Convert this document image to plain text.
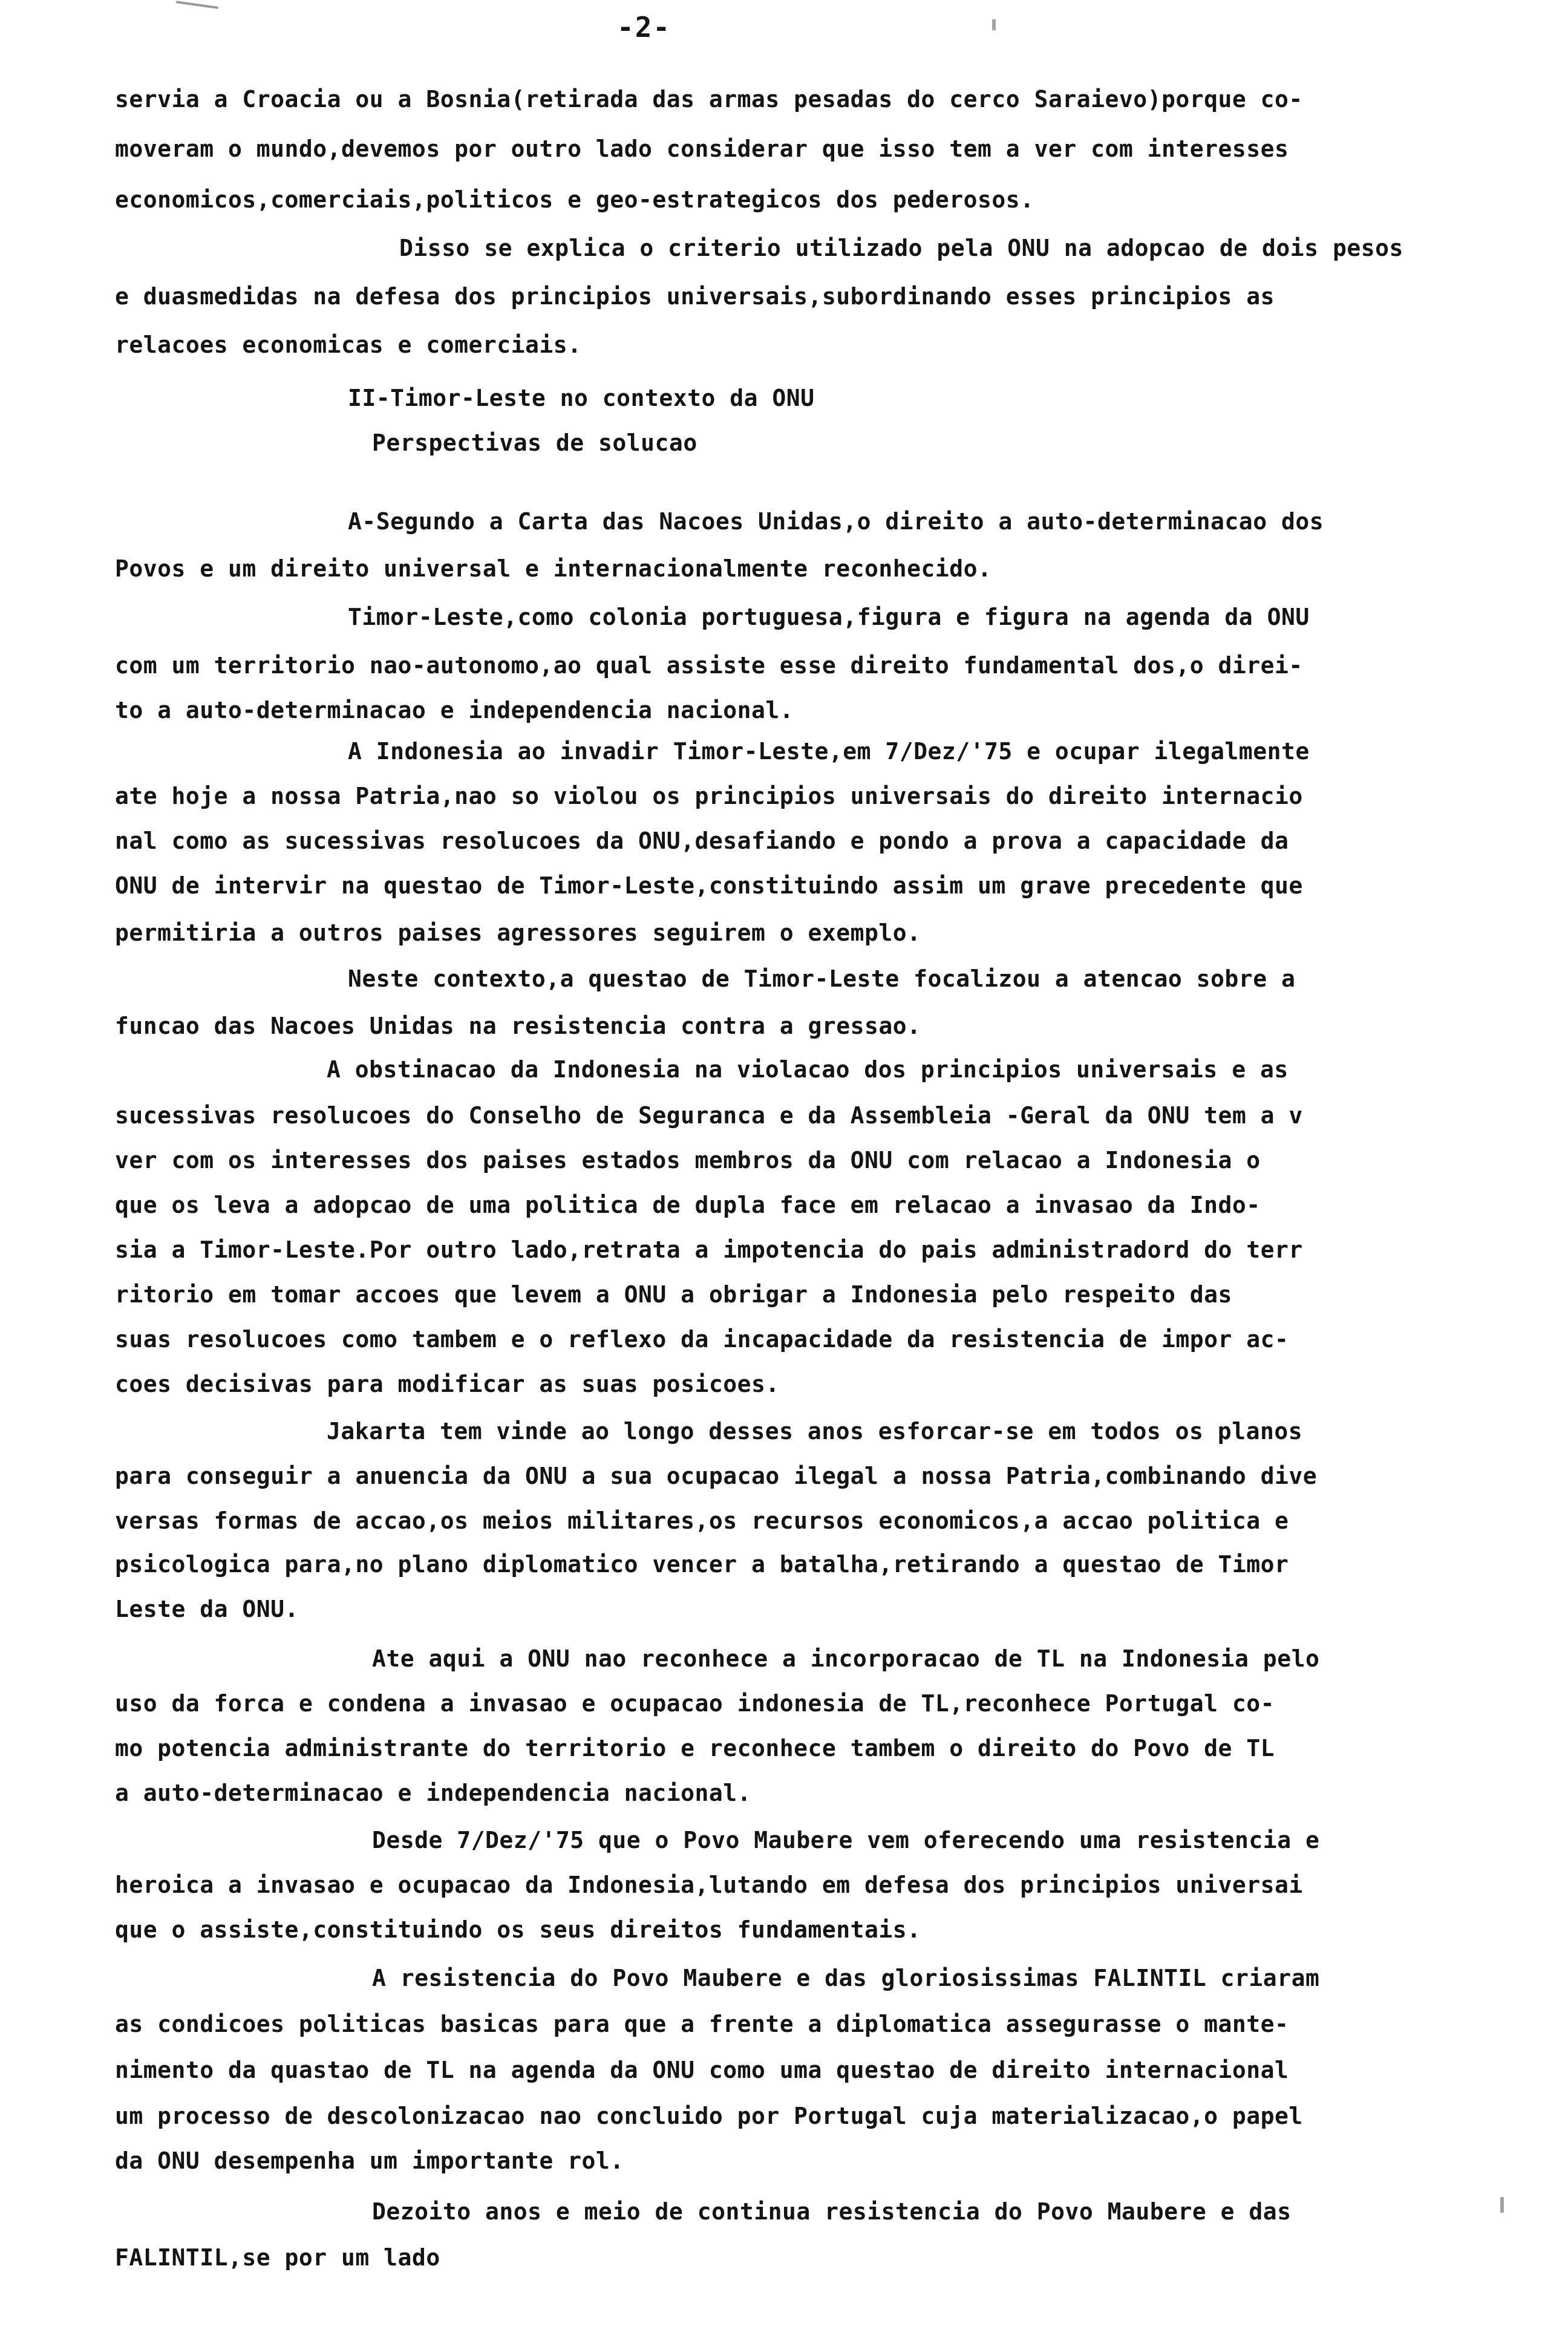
-2-
servia a Croacia ou a Bosnia(retirada das armas pesadas do cerco Saraievo)porque co-
moveram o mundo,devemos por outro lado considerar que isso tem a ver com interesses
economicos,comerciais,politicos e geo-estrategicos dos pederosos.
Disso se explica o criterio utilizado pela ONU na adopcao de dois pesos
e duasmedidas na defesa dos principios universais,subordinando esses principios as
relacoes economicas e comerciais.
II-Timor-Leste no contexto da ONU
Perspectivas de solucao
A-Segundo a Carta das Nacoes Unidas,o direito a auto-determinacao dos
Povos e um direito universal e internacionalmente reconhecido.
Timor-Leste,como colonia portuguesa,figura e figura na agenda da ONU
com um territorio nao-autonomo,ao qual assiste esse direito fundamental dos,o direi-
to a auto-determinacao e independencia nacional.
A Indonesia ao invadir Timor-Leste,em 7/Dez/'75 e ocupar ilegalmente
ate hoje a nossa Patria,nao so violou os principios universais do direito internacio
nal como as sucessivas resolucoes da ONU,desafiando e pondo a prova a capacidade da
ONU de intervir na questao de Timor-Leste,constituindo assim um grave precedente que
permitiria a outros paises agressores seguirem o exemplo.
Neste contexto,a questao de Timor-Leste focalizou a atencao sobre a
funcao das Nacoes Unidas na resistencia contra a gressao.
A obstinacao da Indonesia na violacao dos principios universais e as
sucessivas resolucoes do Conselho de Seguranca e da Assembleia -Geral da ONU tem a v
ver com os interesses dos paises estados membros da ONU com relacao a Indonesia o
que os leva a adopcao de uma politica de dupla face em relacao a invasao da Indo-
sia a Timor-Leste.Por outro lado,retrata a impotencia do pais administradord do terr
ritorio em tomar accoes que levem a ONU a obrigar a Indonesia pelo respeito das
suas resolucoes como tambem e o reflexo da incapacidade da resistencia de impor ac-
coes decisivas para modificar as suas posicoes.
Jakarta tem vinde ao longo desses anos esforcar-se em todos os planos
para conseguir a anuencia da ONU a sua ocupacao ilegal a nossa Patria,combinando dive
versas formas de accao,os meios militares,os recursos economicos,a accao politica e
psicologica para,no plano diplomatico vencer a batalha,retirando a questao de Timor
Leste da ONU.
Ate aqui a ONU nao reconhece a incorporacao de TL na Indonesia pelo
uso da forca e condena a invasao e ocupacao indonesia de TL,reconhece Portugal co-
mo potencia administrante do territorio e reconhece tambem o direito do Povo de TL
a auto-determinacao e independencia nacional.
Desde 7/Dez/'75 que o Povo Maubere vem oferecendo uma resistencia e
heroica a invasao e ocupacao da Indonesia,lutando em defesa dos principios universai
que o assiste,constituindo os seus direitos fundamentais.
A resistencia do Povo Maubere e das gloriosissimas FALINTIL criaram
as condicoes politicas basicas para que a frente a diplomatica assegurasse o mante-
nimento da quastao de TL na agenda da ONU como uma questao de direito internacional
um processo de descolonizacao nao concluido por Portugal cuja materializacao,o papel
da ONU desempenha um importante rol.
Dezoito anos e meio de continua resistencia do Povo Maubere e das
FALINTIL,se por um lado
